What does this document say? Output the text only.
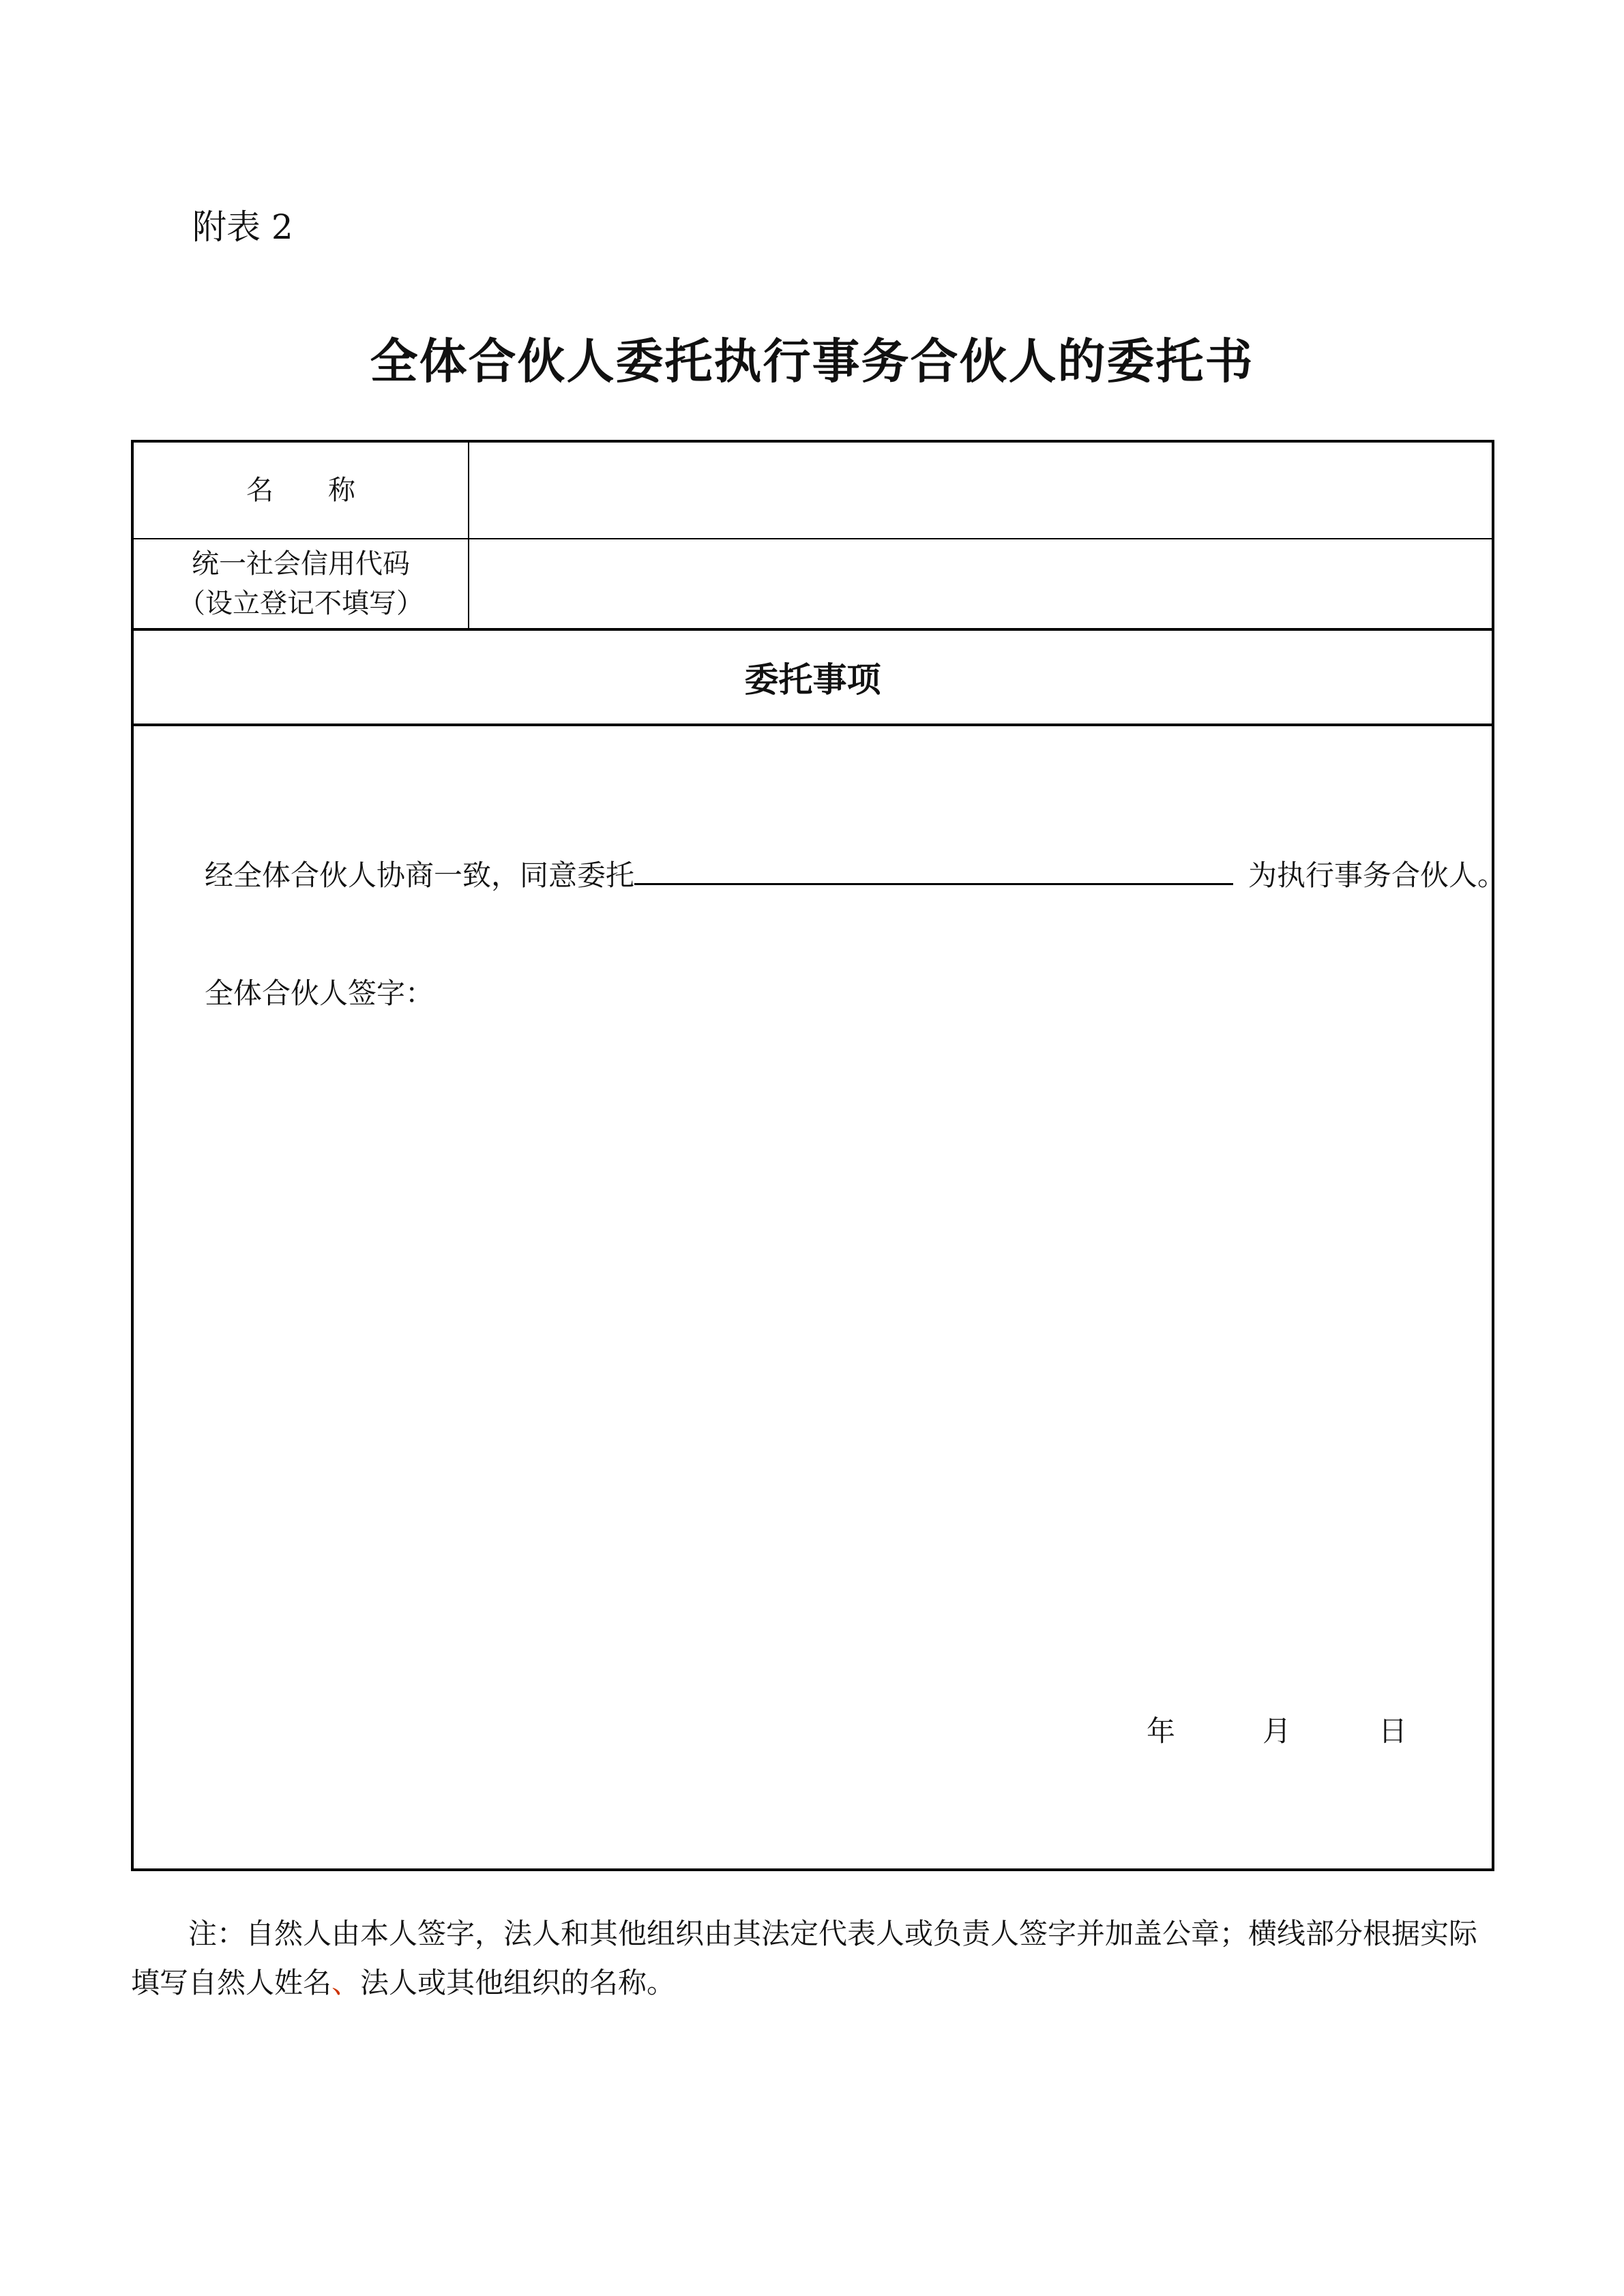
附表 2
全体合伙人委托执行事务合伙人的委托书
名称
统一社会信用代码
（设立登记不填写）
委托事项
经全体合伙人协商一致，同意委托	为执行事务合伙人。
全体合伙人签字：
年	月	日
注：自然人由本人签字，法人和其他组织由其法定代表人或负责人签字并加盖公章；横线部分根据实际
填写自然人姓名、法人或其他组织的名称。
